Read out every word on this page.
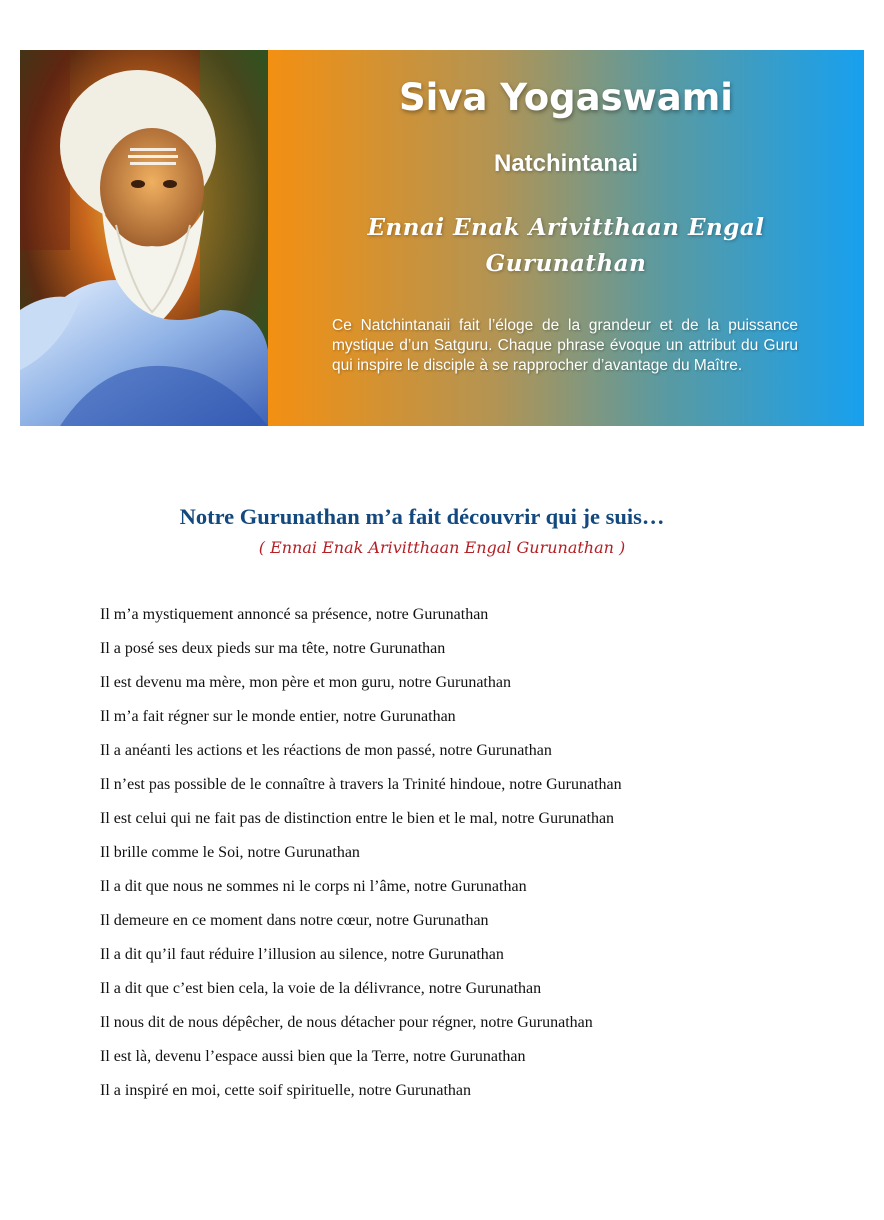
Siva Yogaswami
Natchintanai
Ennai Enak Arivitthaan Engal Gurunathan
Ce Natchintanaii fait l’éloge de la grandeur et de la puissance mystique d’un Satguru. Chaque phrase évoque un attribut du Guru qui inspire le disciple à se rapprocher d’avantage du Maître.
Notre Gurunathan m’a fait découvrir qui je suis…
( Ennai Enak Arivitthaan Engal Gurunathan )
Il m’a mystiquement annoncé sa présence, notre Gurunathan
Il a posé ses deux pieds sur ma tête, notre Gurunathan
Il est devenu ma mère, mon père et mon guru, notre Gurunathan
Il m’a fait régner sur le monde entier, notre Gurunathan
Il a anéanti les actions et les réactions de mon passé, notre Gurunathan
Il n’est pas possible de le connaître à travers la Trinité hindoue, notre Gurunathan
Il est celui qui ne fait pas de distinction entre le bien et le mal, notre Gurunathan
Il brille comme le Soi, notre Gurunathan
Il a dit que nous ne sommes ni le corps ni l’âme, notre Gurunathan
Il demeure en ce moment dans notre cœur, notre Gurunathan
Il a dit qu’il faut réduire l’illusion au silence, notre Gurunathan
Il a dit que c’est bien cela, la voie de la délivrance, notre Gurunathan
Il nous dit de nous dépêcher, de nous détacher pour régner, notre Gurunathan
Il est là, devenu l’espace aussi bien que la Terre, notre Gurunathan
Il a inspiré en moi, cette soif spirituelle, notre Gurunathan
